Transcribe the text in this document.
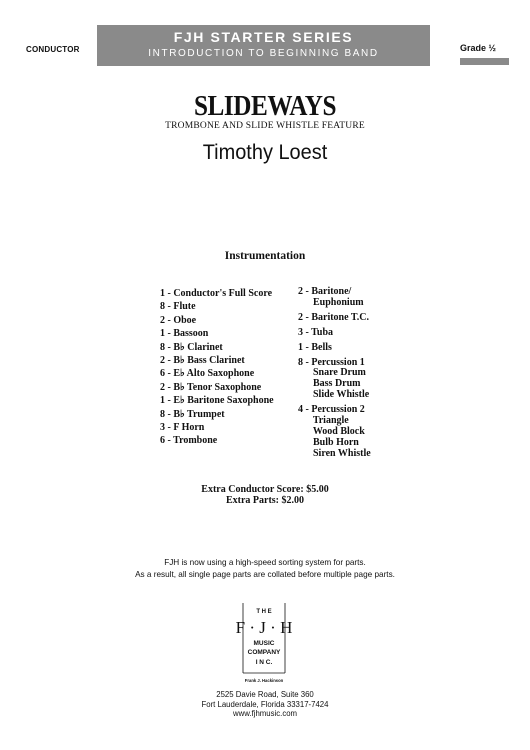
CONDUCTOR
FJH STARTER SERIES
INTRODUCTION TO BEGINNING BAND	Grade ½
SLIDEWAYS
TROMBONE AND SLIDE WHISTLE FEATURE
Timothy Loest
Instrumentation
1 - Conductor's Full Score
8 - Flute
2 - Oboe
1 - Bassoon
8 - B♭ Clarinet
2 - B♭ Bass Clarinet
6 - E♭ Alto Saxophone
2 - B♭ Tenor Saxophone
1 - E♭ Baritone Saxophone
8 - B♭ Trumpet
3 - F Horn
6 - Trombone
2 - Baritone/
Euphonium
2 - Baritone T.C.
3 - Tuba
1 - Bells
8 - Percussion 1
Snare Drum
Bass Drum
Slide Whistle
4 - Percussion 2
Triangle
Wood Block
Bulb Horn
Siren Whistle
Extra Conductor Score: $5.00
Extra Parts: $2.00
FJH is now using a high-speed sorting system for parts.
As a result, all single page parts are collated before multiple page parts.
T H E
F · J · H
MUSIC
COMPANY
I N C.
Frank J. Hackinson
2525 Davie Road, Suite 360
Fort Lauderdale, Florida 33317-7424
www.fjhmusic.com
